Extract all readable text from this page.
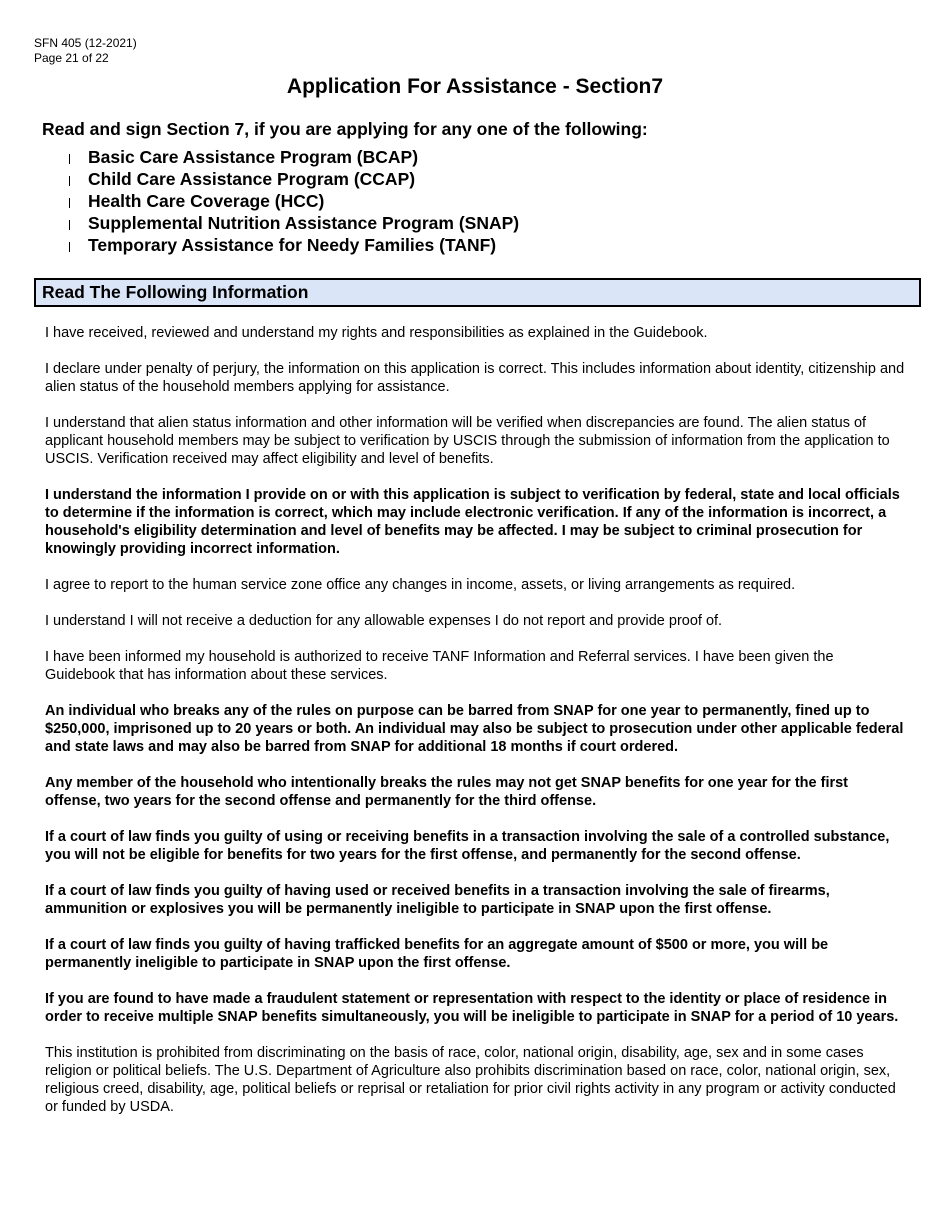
SFN 405 (12-2021)
Page 21 of 22
Application For Assistance - Section7

Read and sign Section 7, if you are applying for any one of the following:

Basic Care Assistance Program (BCAP)
Child Care Assistance Program (CCAP)
Health Care Coverage (HCC)
Supplemental Nutrition Assistance Program (SNAP)
Temporary Assistance for Needy Families (TANF)
Read The Following Information

I have received, reviewed and understand my rights and responsibilities as explained in the Guidebook.

I declare under penalty of perjury, the information on this application is correct. This includes information about identity, citizenship and alien status of the household members applying for assistance.

I understand that alien status information and other information will be verified when discrepancies are found. The alien status of applicant household members may be subject to verification by USCIS through the submission of information from the application to USCIS. Verification received may affect eligibility and level of benefits.

I understand the information I provide on or with this application is subject to verification by federal, state and local officials to determine if the information is correct, which may include electronic verification. If any of the information is incorrect, a household's eligibility determination and level of benefits may be affected. I may be subject to criminal prosecution for knowingly providing incorrect information.

I agree to report to the human service zone office any changes in income, assets, or living arrangements as required.

I understand I will not receive a deduction for any allowable expenses I do not report and provide proof of.

I have been informed my household is authorized to receive TANF Information and Referral services. I have been given the Guidebook that has information about these services.

An individual who breaks any of the rules on purpose can be barred from SNAP for one year to permanently, fined up to $250,000, imprisoned up to 20 years or both. An individual may also be subject to prosecution under other applicable federal and state laws and may also be barred from SNAP for additional 18 months if court ordered.

Any member of the household who intentionally breaks the rules may not get SNAP benefits for one year for the first offense, two years for the second offense and permanently for the third offense.

If a court of law finds you guilty of using or receiving benefits in a transaction involving the sale of a controlled substance, you will not be eligible for benefits for two years for the first offense, and permanently for the second offense.

If a court of law finds you guilty of having used or received benefits in a transaction involving the sale of firearms, ammunition or explosives you will be permanently ineligible to participate in SNAP upon the first offense.

If a court of law finds you guilty of having trafficked benefits for an aggregate amount of $500 or more, you will be permanently ineligible to participate in SNAP upon the first offense.

If you are found to have made a fraudulent statement or representation with respect to the identity or place of residence in order to receive multiple SNAP benefits simultaneously, you will be ineligible to participate in SNAP for a period of 10 years.

This institution is prohibited from discriminating on the basis of race, color, national origin, disability, age, sex and in some cases religion or political beliefs. The U.S. Department of Agriculture also prohibits discrimination based on race, color, national origin, sex, religious creed, disability, age, political beliefs or reprisal or retaliation for prior civil rights activity in any program or activity conducted or funded by USDA.
